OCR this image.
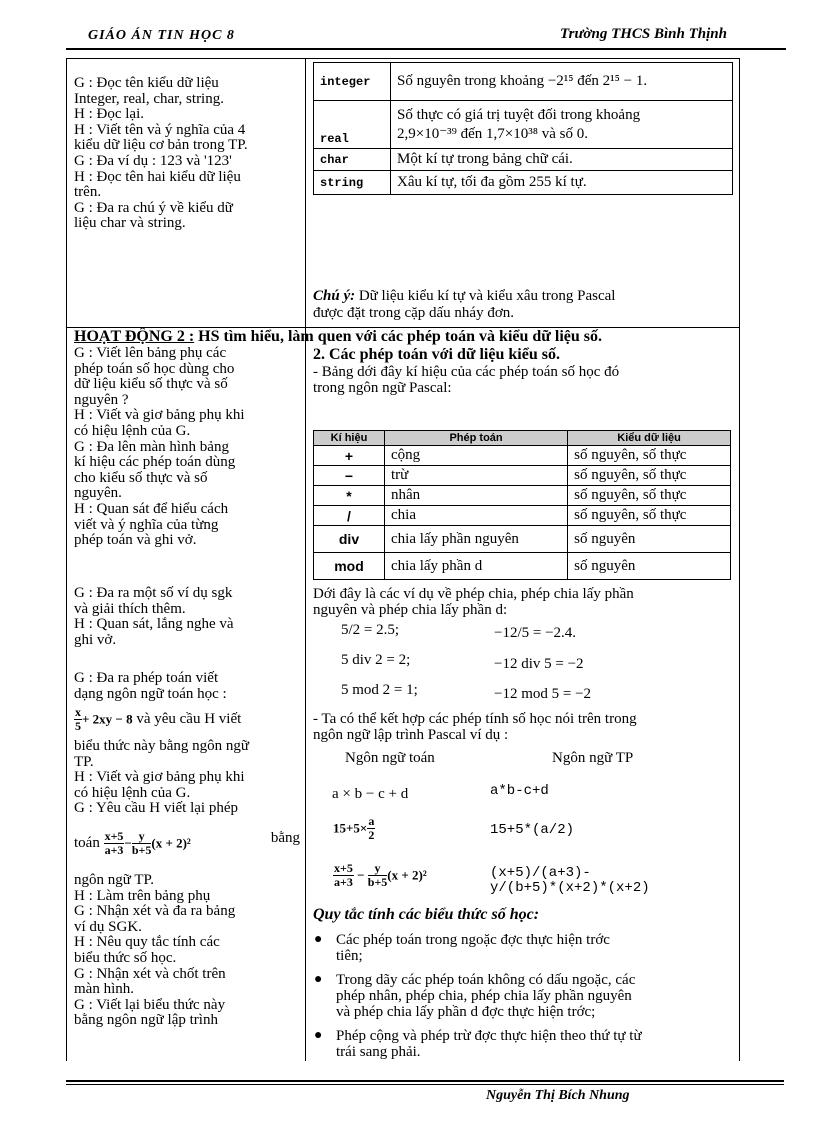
GIÁO ÁN TIN HỌC 8	Trường THCS Bình Thịnh
G : Đọc tên kiểu dữ liệu
Integer, real, char, string.
H : Đọc lại.
H : Viết tên và ý nghĩa của 4
kiểu dữ liệu cơ bản trong TP.
G : Đa ví dụ : 123 và '123'
H : Đọc tên hai kiểu dữ liệu
trên.
G : Đa ra chú ý về kiểu dữ
liệu char và string.
integer	Số nguyên trong khoảng −2¹⁵ đến 2¹⁵ − 1.
real	Số thực có giá trị tuyệt đối trong khoảng
2,9×10⁻³⁹ đến 1,7×10³⁸ và số 0.

char	Một kí tự trong bảng chữ cái.
string	Xâu kí tự, tối đa gồm 255 kí tự.
Chú ý: Dữ liệu kiểu kí tự và kiểu xâu trong Pascal
được đặt trong cặp dấu nháy đơn.
HOẠT ĐỘNG 2 : HS tìm hiểu, làm quen với các phép toán và kiểu dữ liệu số.
G : Viết lên bảng phụ các
phép toán số học dùng cho
dữ liệu kiểu số thực và số
nguyên ?
H : Viết và giơ bảng phụ khi
có hiệu lệnh của G.
G : Đa lên màn hình bảng
kí hiệu các phép toán dùng
cho kiểu số thực và số
nguyên.
H : Quan sát để hiểu cách
viết và ý nghĩa của từng
phép toán và ghi vở.
G : Đa ra một số ví dụ sgk
và giải thích thêm.
H : Quan sát, lắng nghe và
ghi vở.
G : Đa ra phép toán viết
dạng ngôn ngữ toán học :
$\frac{x}{5} + 2xy - 8$ và yêu cầu H viết
biểu thức này bằng ngôn ngữ
TP.
H : Viết và giơ bảng phụ khi
có hiệu lệnh của G.
G : Yêu cầu H viết lại phép
toán $\frac{x+5}{a+3} - \frac{y}{b+5} (x + 2)^2$	bằng
ngôn ngữ TP.
H : Làm trên bảng phụ
G : Nhận xét và đa ra bảng
ví dụ SGK.
H : Nêu quy tắc tính các
biểu thức số học.
G : Nhận xét và chốt trên
màn hình.
G : Viết lại biểu thức này
bằng ngôn ngữ lập trình
2. Các phép toán với dữ liệu kiểu số.
- Bảng dới đây kí hiệu của các phép toán số học đó
trong ngôn ngữ Pascal:
Kí hiệu	Phép toán	Kiểu dữ liệu
+	cộng	số nguyên, số thực
−	trừ	số nguyên, số thực
*	nhân	số nguyên, số thực
/	chia	số nguyên, số thực
div	chia lấy phần nguyên	số nguyên
mod	chia lấy phần d	số nguyên
Dới đây là các ví dụ về phép chia, phép chia lấy phần
nguyên và phép chia lấy phần d:
5/2 = 2.5;	−12/5 = −2.4.
5 div 2 = 2;	−12 div 5 = −2
5 mod 2 = 1;	−12 mod 5 = −2
- Ta có thể kết hợp các phép tính số học nói trên trong
ngôn ngữ lập trình Pascal ví dụ :
Ngôn ngữ toán	Ngôn ngữ TP
a × b − c + d	a*b-c+d
$15+5\times \frac{a}{2}$	15+5*(a/2)
$\frac{x+5}{a+3} - \frac{y}{b+5} (x + 2)^2$	(x+5)/(a+3)-
y/(b+5)*(x+2)*(x+2)
Quy tắc tính các biểu thức số học:
● Các phép toán trong ngoặc đợc thực hiện trớc
tiên;
● Trong dãy các phép toán không có dấu ngoặc, các
phép nhân, phép chia, phép chia lấy phần nguyên
và phép chia lấy phần d đợc thực hiện trớc;
● Phép cộng và phép trừ đợc thực hiện theo thứ tự từ
trái sang phải.
Nguyễn Thị Bích Nhung
